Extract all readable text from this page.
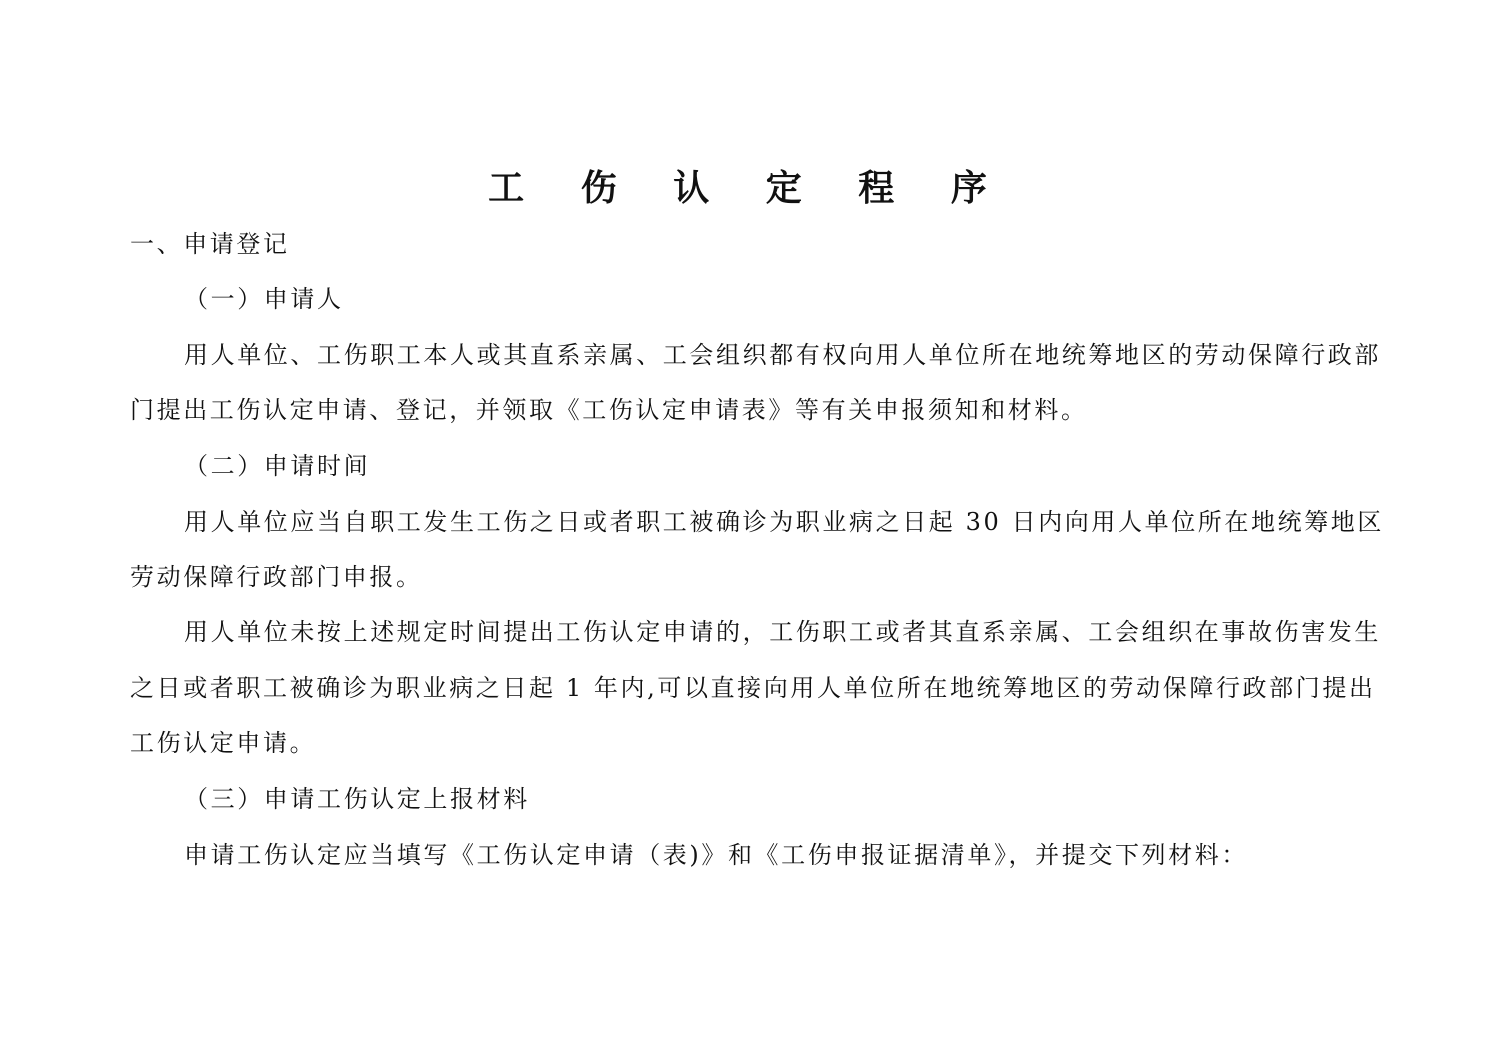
工 伤 认 定 程 序
一、申请登记
（一）申请人
用人单位、工伤职工本人或其直系亲属、工会组织都有权向用人单位所在地统筹地区的劳动保障行政部
门提出工伤认定申请、登记，并领取《工伤认定申请表》等有关申报须知和材料。
（二）申请时间
用人单位应当自职工发生工伤之日或者职工被确诊为职业病之日起 30 日内向用人单位所在地统筹地区
劳动保障行政部门申报。
用人单位未按上述规定时间提出工伤认定申请的，工伤职工或者其直系亲属、工会组织在事故伤害发生
之日或者职工被确诊为职业病之日起 1 年内,可以直接向用人单位所在地统筹地区的劳动保障行政部门提出
工伤认定申请。
（三）申请工伤认定上报材料
申请工伤认定应当填写《工伤认定申请（表)》和《工伤申报证据清单》，并提交下列材料：
